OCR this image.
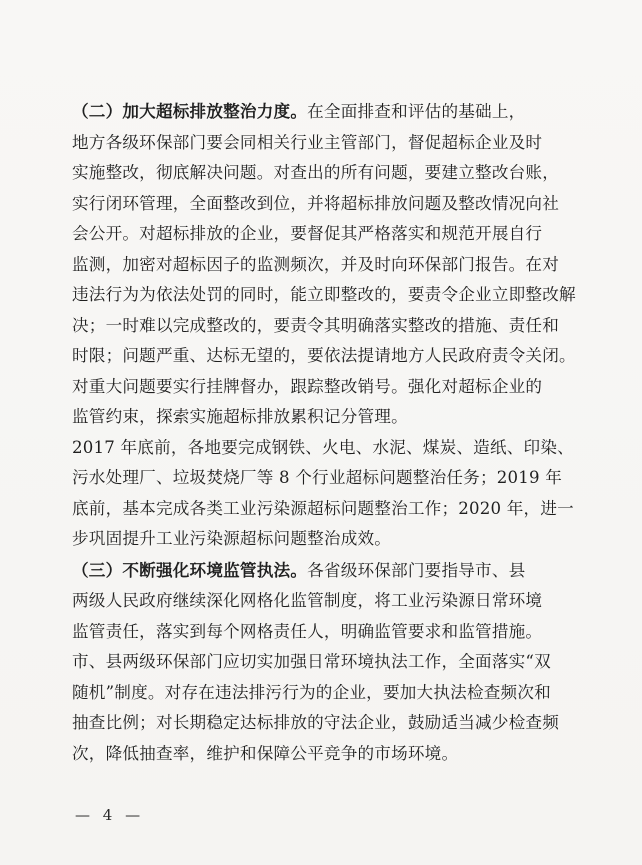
（二）加大超标排放整治力度。在全面排查和评估的基础上，
地方各级环保部门要会同相关行业主管部门，督促超标企业及时
实施整改，彻底解决问题。对查出的所有问题，要建立整改台账，
实行闭环管理，全面整改到位，并将超标排放问题及整改情况向社
会公开。对超标排放的企业，要督促其严格落实和规范开展自行
监测，加密对超标因子的监测频次，并及时向环保部门报告。在对
违法行为为依法处罚的同时，能立即整改的，要责令企业立即整改解
决；一时难以完成整改的，要责令其明确落实整改的措施、责任和
时限；问题严重、达标无望的，要依法提请地方人民政府责令关闭。
对重大问题要实行挂牌督办，跟踪整改销号。强化对超标企业的
监管约束，探索实施超标排放累积记分管理。
2017 年底前，各地要完成钢铁、火电、水泥、煤炭、造纸、印染、
污水处理厂、垃圾焚烧厂等 8 个行业超标问题整治任务；2019 年
底前，基本完成各类工业污染源超标问题整治工作；2020 年，进一
步巩固提升工业污染源超标问题整治成效。
（三）不断强化环境监管执法。各省级环保部门要指导市、县
两级人民政府继续深化网格化监管制度，将工业污染源日常环境
监管责任，落实到每个网格责任人，明确监管要求和监管措施。
市、县两级环保部门应切实加强日常环境执法工作，全面落实“双
随机”制度。对存在违法排污行为的企业，要加大执法检查频次和
抽查比例；对长期稳定达标排放的守法企业，鼓励适当减少检查频
次，降低抽查率，维护和保障公平竞争的市场环境。
— 4 —
